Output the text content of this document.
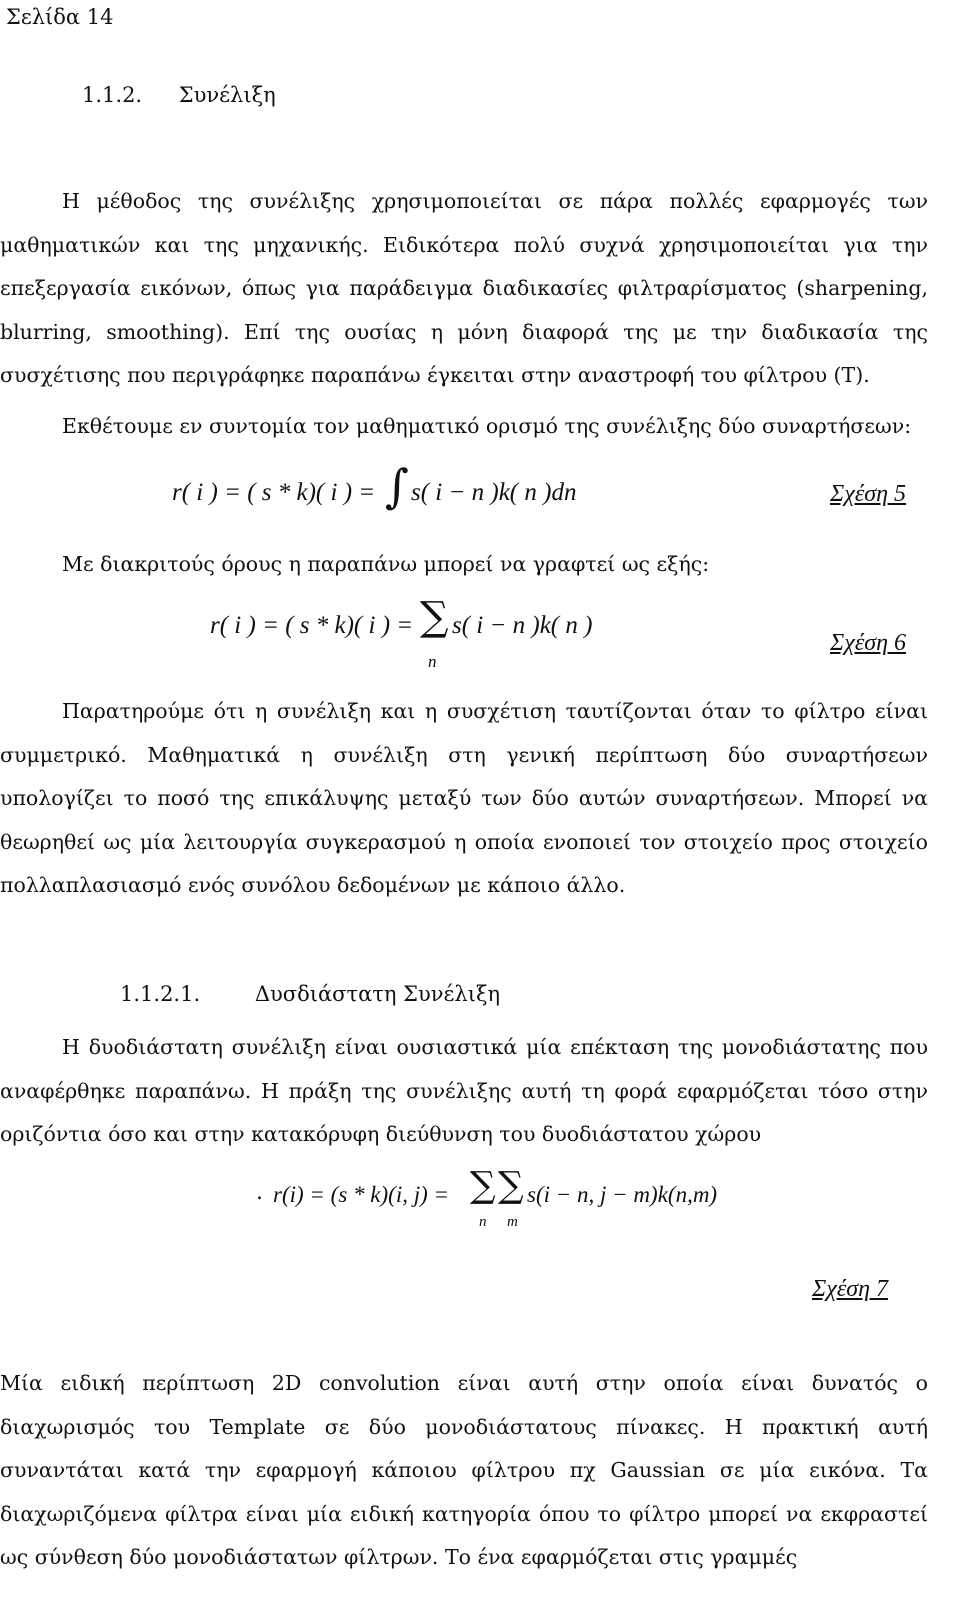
Σελίδα 14
1.1.2. Συνέλιξη
Η μέθοδος της συνέλιξης χρησιμοποιείται σε πάρα πολλές εφαρμογές των μαθηματικών και της μηχανικής. Ειδικότερα πολύ συχνά χρησιμοποιείται για την επεξεργασία εικόνων, όπως για παράδειγμα διαδικασίες φιλτραρίσματος (sharpening, blurring, smoothing). Επί της ουσίας η μόνη διαφορά της με την διαδικασία της συσχέτισης που περιγράφηκε παραπάνω έγκειται στην αναστροφή του φίλτρου (T).
Εκθέτουμε εν συντομία τον μαθηματικό ορισμό της συνέλιξης δύο συναρτήσεων:
r( i ) = ( s * k)( i ) = ∫ s( i − n )k( n )dn	Σχέση 5
Με διακριτούς όρους η παραπάνω μπορεί να γραφτεί ως εξής:
r( i ) = ( s * k)( i ) = ∑
n
s( i − n )k( n )
Σχέση 6
Παρατηρούμε ότι η συνέλιξη και η συσχέτιση ταυτίζονται όταν το φίλτρο είναι συμμετρικό. Μαθηματικά η συνέλιξη στη γενική περίπτωση δύο συναρτήσεων υπολογίζει το ποσό της επικάλυψης μεταξύ των δύο αυτών συναρτήσεων. Μπορεί να θεωρηθεί ως μία λειτουργία συγκερασμού η οποία ενοποιεί τον στοιχείο προς στοιχείο πολλαπλασιασμό ενός συνόλου δεδομένων με κάποιο άλλο.
1.1.2.1.	Δυσδιάστατη Συνέλιξη
Η δυοδιάστατη συνέλιξη είναι ουσιαστικά μία επέκταση της μονοδιάστατης που αναφέρθηκε παραπάνω. Η πράξη της συνέλιξης αυτή τη φορά εφαρμόζεται τόσο στην οριζόντια όσο και στην κατακόρυφη διεύθυνση του δυοδιάστατου χώρου
. r(i) = (s * k)(i, j) = ∑
n
∑
m
s(i − n, j − m)k(n,m)
Σχέση 7
Μία ειδική περίπτωση 2D convolution είναι αυτή στην οποία είναι δυνατός ο διαχωρισμός του Template σε δύο μονοδιάστατους πίνακες. Η πρακτική αυτή συναντάται κατά την εφαρμογή κάποιου φίλτρου πχ Gaussian σε μία εικόνα. Τα διαχωριζόμενα φίλτρα είναι μία ειδική κατηγορία όπου το φίλτρο μπορεί να εκφραστεί ως σύνθεση δύο μονοδιάστατων φίλτρων. Το ένα εφαρμόζεται στις γραμμές
